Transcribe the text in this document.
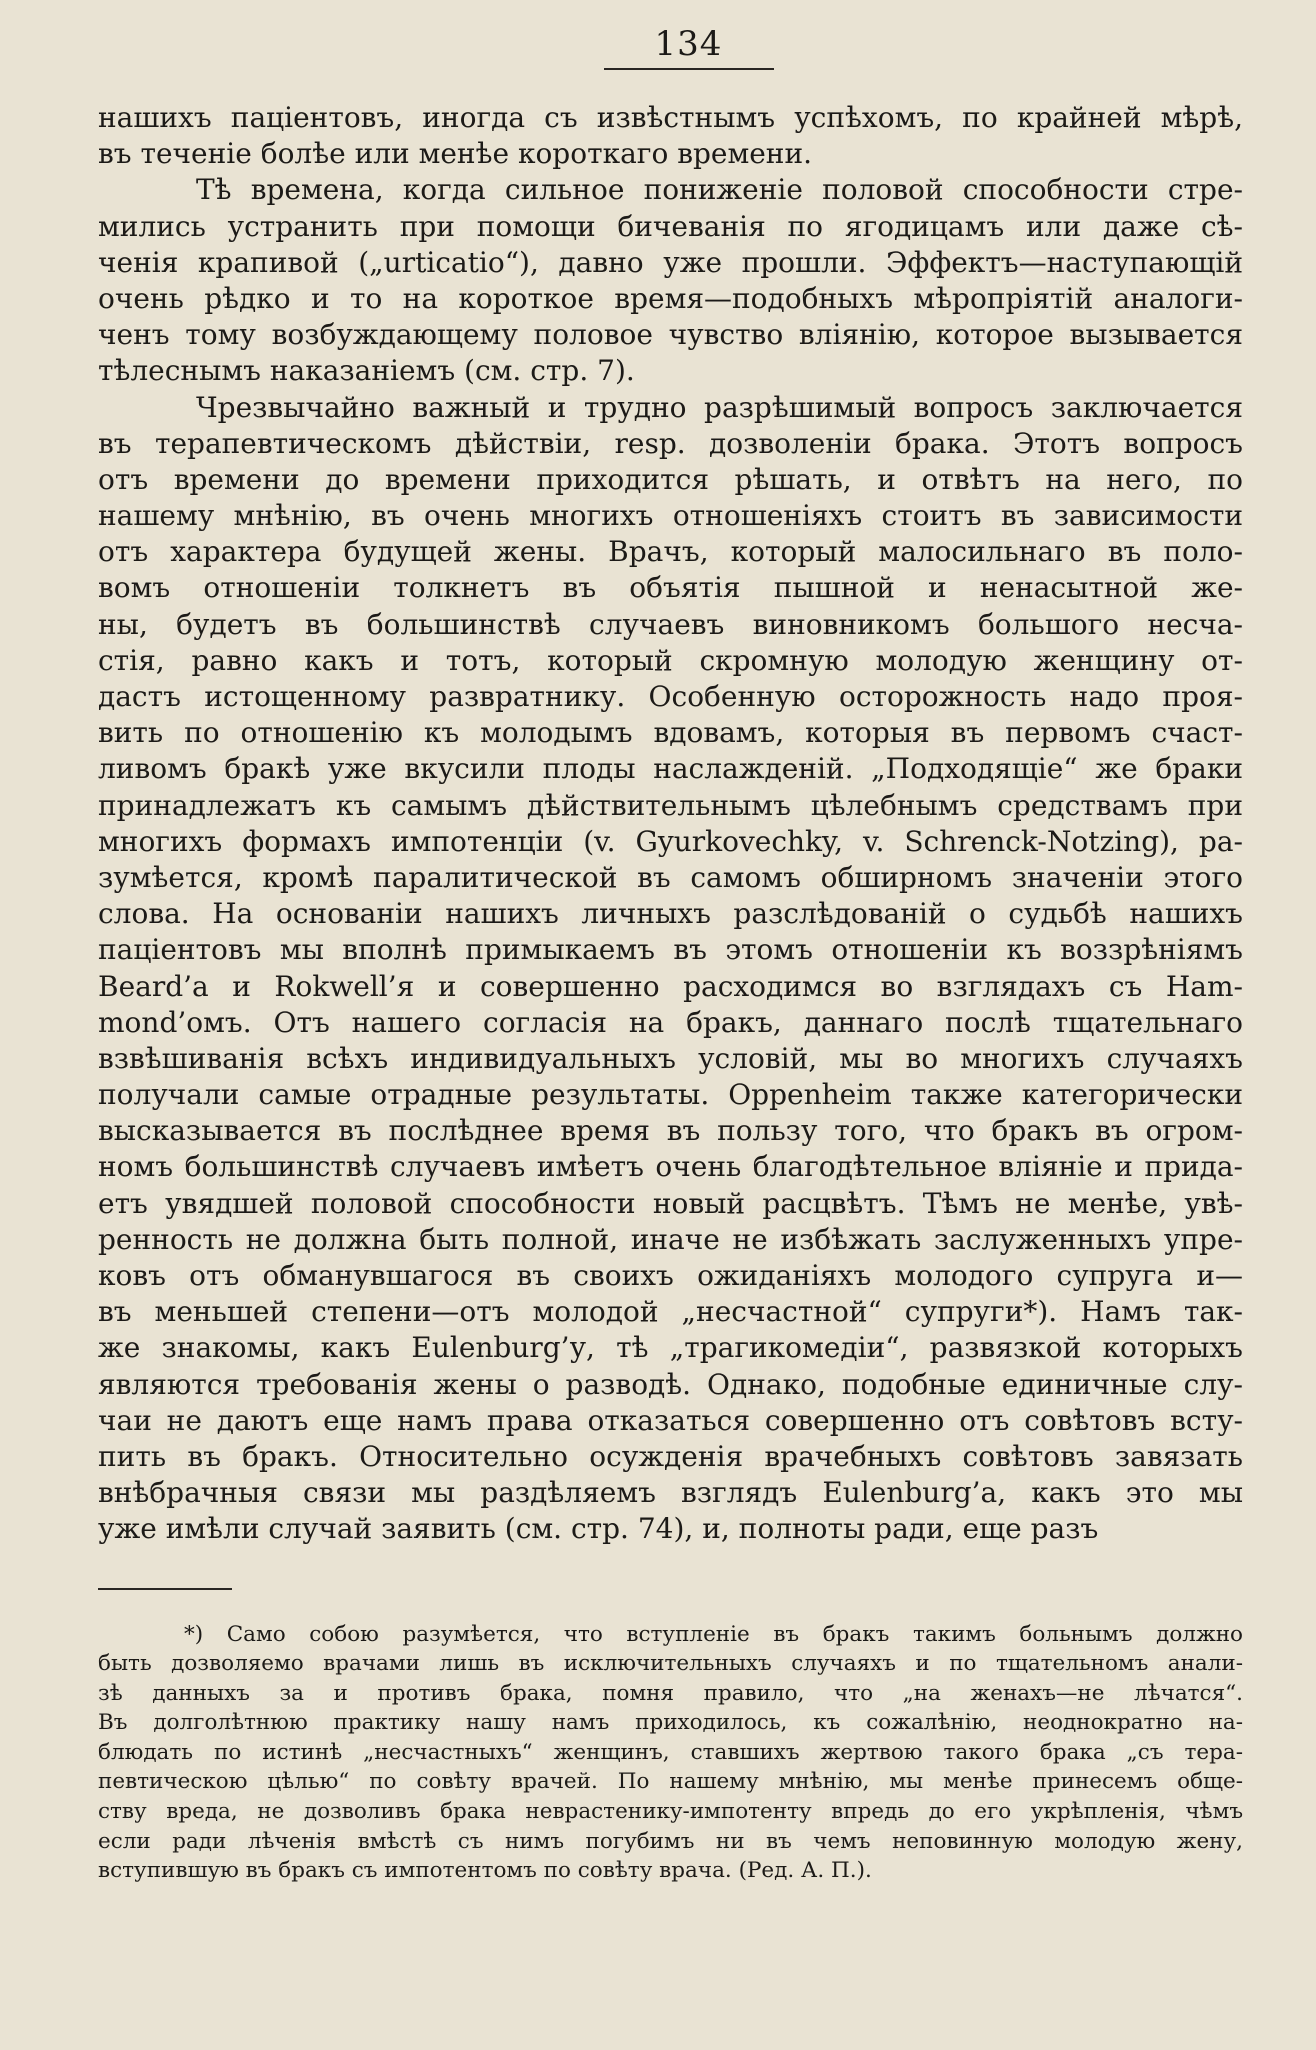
134
нашихъ пацiентовъ, иногда съ извѣстнымъ успѣхомъ, по крайней мѣрѣ,
въ теченiе болѣе или менѣе короткаго времени.
Тѣ времена, когда сильное пониженiе половой способности стре-
мились устранить при помощи бичеванiя по ягодицамъ или даже сѣ-
ченiя крапивой („urticatio“), давно уже прошли. Эффектъ—наступающiй
очень рѣдко и то на короткое время—подобныхъ мѣропрiятiй аналоги-
ченъ тому возбуждающему половое чувство влiянiю, которое вызывается
тѣлеснымъ наказанiемъ (см. стр. 7).
Чрезвычайно важный и трудно разрѣшимый вопросъ заключается
въ терапевтическомъ дѣйствiи, resp. дозволенiи брака. Этотъ вопросъ
отъ времени до времени приходится рѣшать, и отвѣтъ на него, по
нашему мнѣнiю, въ очень многихъ отношенiяхъ стоитъ въ зависимости
отъ характера будущей жены. Врачъ, который малосильнаго въ поло-
вомъ отношенiи толкнетъ въ объятiя пышной и ненасытной же-
ны, будетъ въ большинствѣ случаевъ виновникомъ большого несча-
стiя, равно какъ и тотъ, который скромную молодую женщину от-
дастъ истощенному развратнику. Особенную осторожность надо проя-
вить по отношенiю къ молодымъ вдовамъ, которыя въ первомъ счаст-
ливомъ бракѣ уже вкусили плоды наслажденiй. „Подходящiе“ же браки
принадлежатъ къ самымъ дѣйствительнымъ цѣлебнымъ средствамъ при
многихъ формахъ импотенцiи (v. Gyurkovechky, v. Schrenck-Notzing), ра-
зумѣется, кромѣ паралитической въ самомъ обширномъ значенiи этого
слова. На основанiи нашихъ личныхъ разслѣдованiй о судьбѣ нашихъ
пацiентовъ мы вполнѣ примыкаемъ въ этомъ отношенiи къ воззрѣнiямъ
Beard’а и Rokwell’я и совершенно расходимся во взглядахъ съ Ham-
mond’омъ. Отъ нашего согласiя на бракъ, даннаго послѣ тщательнаго
взвѣшиванiя всѣхъ индивидуальныхъ условiй, мы во многихъ случаяхъ
получали самые отрадные результаты. Oppenheim также категорически
высказывается въ послѣднее время въ пользу того, что бракъ въ огром-
номъ большинствѣ случаевъ имѣетъ очень благодѣтельное влiянiе и прида-
етъ увядшей половой способности новый расцвѣтъ. Тѣмъ не менѣе, увѣ-
ренность не должна быть полной, иначе не избѣжать заслуженныхъ упре-
ковъ отъ обманувшагося въ своихъ ожиданiяхъ молодого супруга и—
въ меньшей степени—отъ молодой „несчастной“ супруги*). Намъ так-
же знакомы, какъ Eulenburg’у, тѣ „трагикомедiи“, развязкой которыхъ
являются требованiя жены о разводѣ. Однако, подобные единичные слу-
чаи не даютъ еще намъ права отказаться совершенно отъ совѣтовъ всту-
пить въ бракъ. Относительно осужденiя врачебныхъ совѣтовъ завязать
внѣбрачныя связи мы раздѣляемъ взглядъ Eulenburg’а, какъ это мы
уже имѣли случай заявить (см. стр. 74), и, полноты ради, еще разъ
*) Само собою разумѣется, что вступленiе въ бракъ такимъ больнымъ должно
быть дозволяемо врачами лишь въ исключительныхъ случаяхъ и по тщательномъ анали-
зѣ данныхъ за и противъ брака, помня правило, что „на женахъ—не лѣчатся“.
Въ долголѣтнюю практику нашу намъ приходилось, къ сожалѣнiю, неоднократно на-
блюдать по истинѣ „несчастныхъ“ женщинъ, ставшихъ жертвою такого брака „съ тера-
певтическою цѣлью“ по совѣту врачей. По нашему мнѣнiю, мы менѣе принесемъ обще-
ству вреда, не дозволивъ брака неврастенику-импотенту впредь до его укрѣпленiя, чѣмъ
если ради лѣченiя вмѣстѣ съ нимъ погубимъ ни въ чемъ неповинную молодую жену,
вступившую въ бракъ съ импотентомъ по совѣту врача. (Ред. А. П.).
